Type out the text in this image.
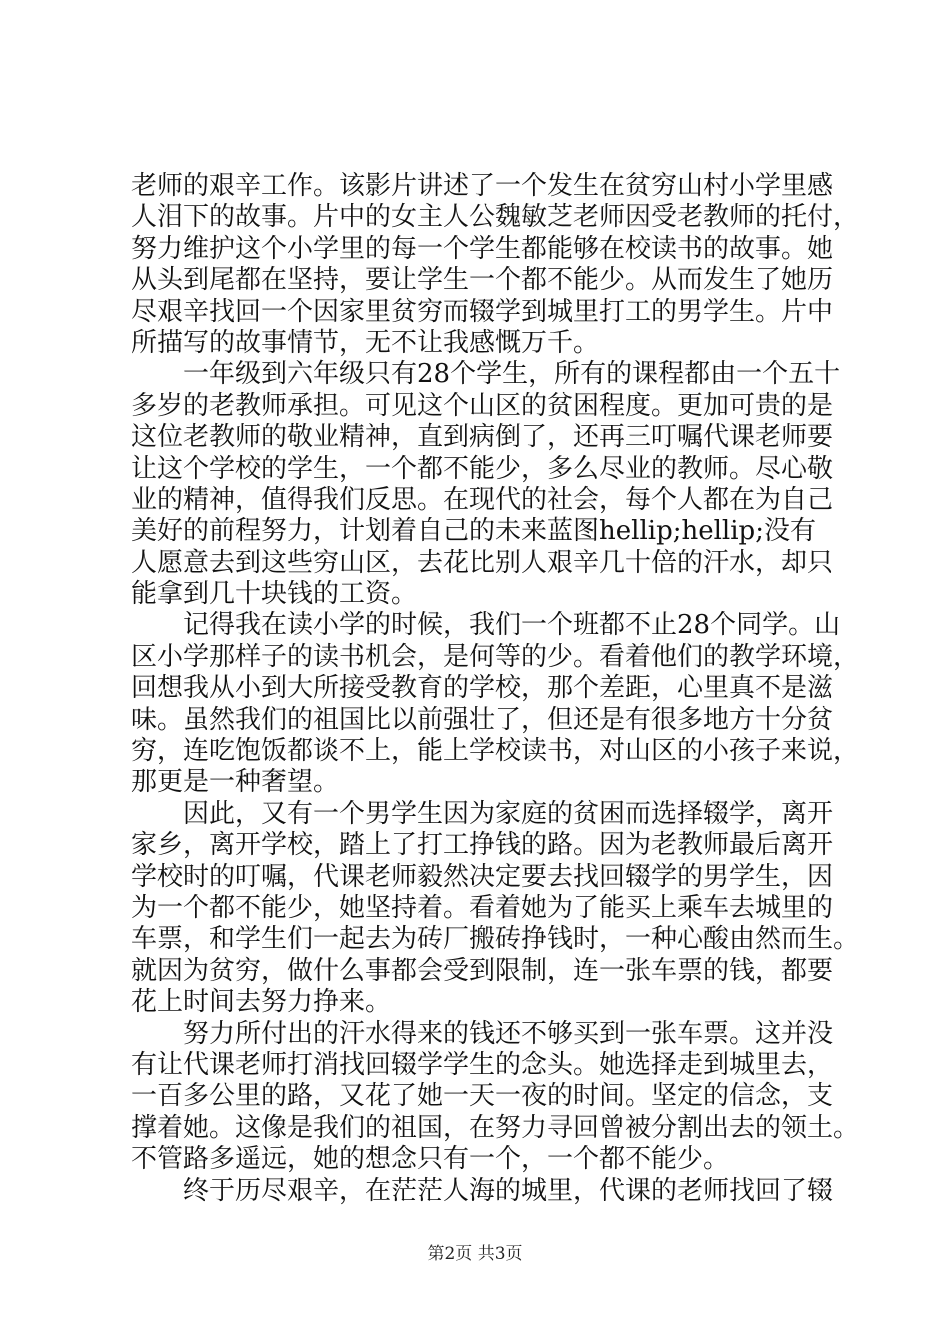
老师的艰辛工作。该影片讲述了一个发生在贫穷山村小学里感
人泪下的故事。片中的女主人公魏敏芝老师因受老教师的托付，
努力维护这个小学里的每一个学生都能够在校读书的故事。她
从头到尾都在坚持，要让学生一个都不能少。从而发生了她历
尽艰辛找回一个因家里贫穷而辍学到城里打工的男学生。片中
所描写的故事情节，无不让我感慨万千。
一年级到六年级只有28个学生，所有的课程都由一个五十
多岁的老教师承担。可见这个山区的贫困程度。更加可贵的是
这位老教师的敬业精神，直到病倒了，还再三叮嘱代课老师要
让这个学校的学生，一个都不能少，多么尽业的教师。尽心敬
业的精神，值得我们反思。在现代的社会，每个人都在为自己
美好的前程努力，计划着自己的未来蓝图hellip;hellip;没有
人愿意去到这些穷山区，去花比别人艰辛几十倍的汗水，却只
能拿到几十块钱的工资。
记得我在读小学的时候，我们一个班都不止28个同学。山
区小学那样子的读书机会，是何等的少。看着他们的教学环境，
回想我从小到大所接受教育的学校，那个差距，心里真不是滋
味。虽然我们的祖国比以前强壮了，但还是有很多地方十分贫
穷，连吃饱饭都谈不上，能上学校读书，对山区的小孩子来说，
那更是一种奢望。
因此，又有一个男学生因为家庭的贫困而选择辍学，离开
家乡，离开学校，踏上了打工挣钱的路。因为老教师最后离开
学校时的叮嘱，代课老师毅然决定要去找回辍学的男学生，因
为一个都不能少，她坚持着。看着她为了能买上乘车去城里的
车票，和学生们一起去为砖厂搬砖挣钱时，一种心酸由然而生。
就因为贫穷，做什么事都会受到限制，连一张车票的钱，都要
花上时间去努力挣来。
努力所付出的汗水得来的钱还不够买到一张车票。这并没
有让代课老师打消找回辍学学生的念头。她选择走到城里去，
一百多公里的路，又花了她一天一夜的时间。坚定的信念，支
撑着她。这像是我们的祖国，在努力寻回曾被分割出去的领土。
不管路多遥远，她的想念只有一个，一个都不能少。
终于历尽艰辛，在茫茫人海的城里，代课的老师找回了辍
第2页 共3页
